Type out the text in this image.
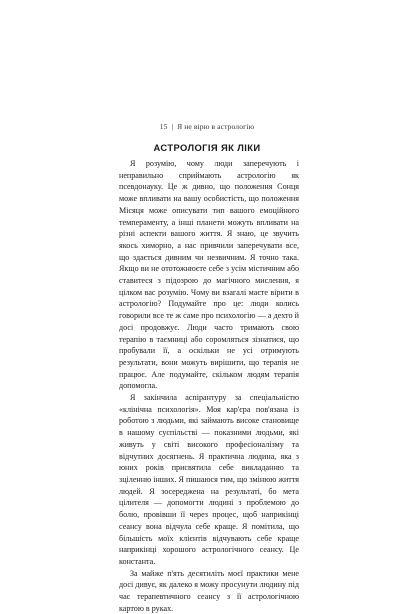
15 | Я не вірю в астрологію
АСТРОЛОГІЯ ЯК ЛІКИ

Я розумію, чому люди заперечують і неправильно сприймають астрологію як псевдонауку. Це ж дивно, що положення Сонця може впливати на вашу особистість, що положення Місяця може описувати тип вашого емоційного темпераменту, а інші планети можуть впливати на різні аспекти вашого життя. Я знаю, це звучить якось химорно, а нас привчили заперечувати все, що здається дивним чи незвичним. Я точно така. Якщо ви не ототожнюєте себе з усім містичним або ставитеся з підозрою до магічного мислення, я цілком вас розумію. Чому ви взагалі маєте вірити в астрологію? Подумайте про це: люди колись говорили все те ж саме про психологію — а дехто й досі продовжує. Люди часто тримають свою терапію в таємниці або соромляться зізнатися, що пробували її, а оскільки не усі отримують результати, вони можуть вирішити, що терапія не працює. Але подумайте, скільком людям терапія допомогла.

Я закінчила аспірантуру за спеціальністю «клінічна психологія». Моя кар'єра пов'язана із роботою з людьми, які займають високе становище в нашому суспільстві — показними людьми, які живуть у світі високого професіоналізму та відчутних досягнень. Я практична людина, яка з юних років присвятила себе викладанню та зціленню інших. Я пишаюся тим, що змінюю життя людей. Я зосереджена на результаті, бо мета цілителя — допомогти людині з проблемою до болю, провівши її через процес, щоб наприкінці сеансу вона відчула себе краще. Я помітила, що більшість моїх клієнтів відчувають себе краще наприкінці хорошого астрологічного сеансу. Це константа.

За майже п'ять десятиліть моєї практики мене досі дивує, як далеко я можу просунути людину під час терапевтичного сеансу з її астрологічною картою в руках.
